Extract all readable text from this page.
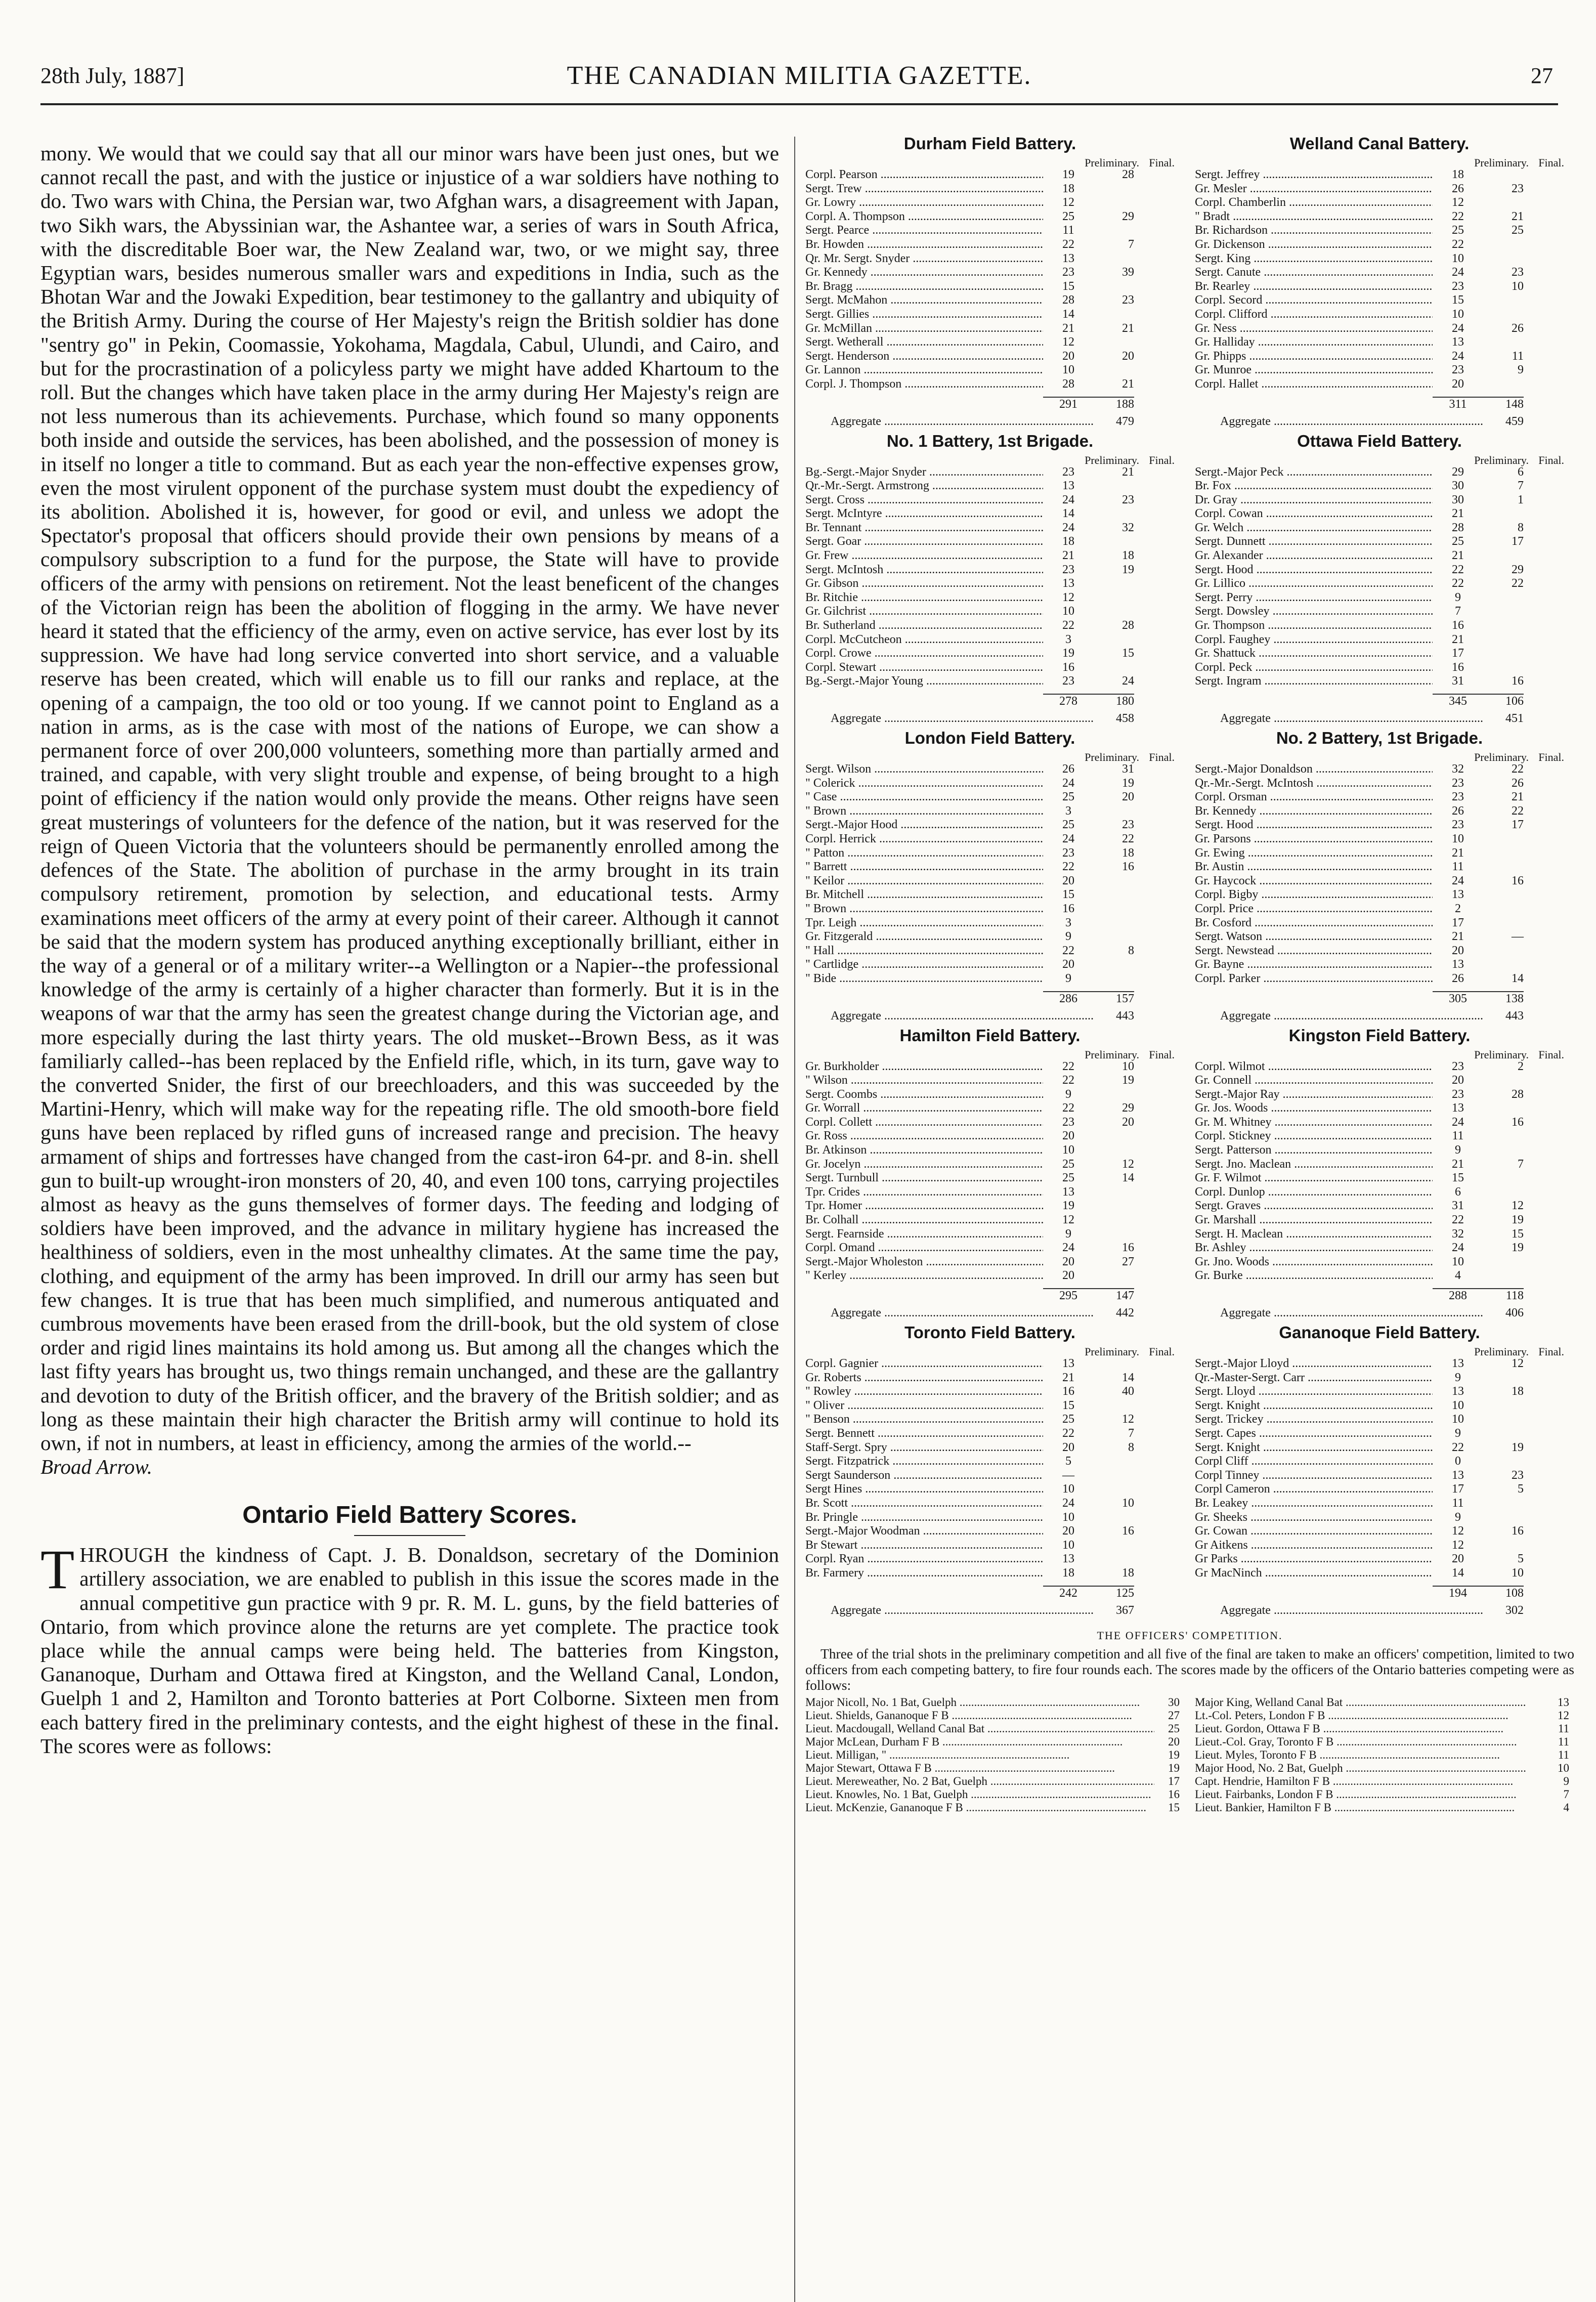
THE CANADIAN MILITIA GAZETTE.
28th July, 1887]	27

mony. We would that we could say that all our minor wars have been just ones, but we cannot recall the past, and with the justice or injustice of a war soldiers have nothing to do. Two wars with China, the Persian war, two Afghan wars, a disagreement with Japan, two Sikh wars, the Abyssinian war, the Ashantee war, a series of wars in South Africa, with the discreditable Boer war, the New Zealand war, two, or we might say, three Egyptian wars, besides numerous smaller wars and expeditions in India, such as the Bhotan War and the Jowaki Expedition, bear testimoney to the gallantry and ubiquity of the British Army. During the course of Her Majesty's reign the British soldier has done "sentry go" in Pekin, Coomassie, Yokohama, Magdala, Cabul, Ulundi, and Cairo, and but for the procrastination of a policyless party we might have added Khartoum to the roll. But the changes which have taken place in the army during Her Majesty's reign are not less numerous than its achievements. Purchase, which found so many opponents both inside and outside the services, has been abolished, and the possession of money is in itself no longer a title to command. But as each year the non-effective expenses grow, even the most virulent opponent of the purchase system must doubt the expediency of its abolition. Abolished it is, however, for good or evil, and unless we adopt the Spectator's proposal that officers should provide their own pensions by means of a compulsory subscription to a fund for the purpose, the State will have to provide officers of the army with pensions on retirement. Not the least beneficent of the changes of the Victorian reign has been the abolition of flogging in the army. We have never heard it stated that the efficiency of the army, even on active service, has ever lost by its suppression. We have had long service converted into short service, and a valuable reserve has been created, which will enable us to fill our ranks and replace, at the opening of a campaign, the too old or too young. If we cannot point to England as a nation in arms, as is the case with most of the nations of Europe, we can show a permanent force of over 200,000 volunteers, something more than partially armed and trained, and capable, with very slight trouble and expense, of being brought to a high point of efficiency if the nation would only provide the means. Other reigns have seen great musterings of volunteers for the defence of the nation, but it was reserved for the reign of Queen Victoria that the volunteers should be permanently enrolled among the defences of the State. The abolition of purchase in the army brought in its train compulsory retirement, promotion by selection, and educational tests. Army examinations meet officers of the army at every point of their career. Although it cannot be said that the modern system has produced anything exceptionally brilliant, either in the way of a general or of a military writer--a Wellington or a Napier--the professional knowledge of the army is certainly of a higher character than formerly. But it is in the weapons of war that the army has seen the greatest change during the Victorian age, and more especially during the last thirty years. The old musket--Brown Bess, as it was familiarly called--has been replaced by the Enfield rifle, which, in its turn, gave way to the converted Snider, the first of our breechloaders, and this was succeeded by the Martini-Henry, which will make way for the repeating rifle. The old smooth-bore field guns have been replaced by rifled guns of increased range and precision. The heavy armament of ships and fortresses have changed from the cast-iron 64-pr. and 8-in. shell gun to built-up wrought-iron monsters of 20, 40, and even 100 tons, carrying projectiles almost as heavy as the guns themselves of former days. The feeding and lodging of soldiers have been improved, and the advance in military hygiene has increased the healthiness of soldiers, even in the most unhealthy climates. At the same time the pay, clothing, and equipment of the army has been improved. In drill our army has seen but few changes. It is true that has been much simplified, and numerous antiquated and cumbrous movements have been erased from the drill-book, but the old system of close order and rigid lines maintains its hold among us. But among all the changes which the last fifty years has brought us, two things remain unchanged, and these are the gallantry and devotion to duty of the British officer, and the bravery of the British soldier; and as long as these maintain their high character the British army will continue to hold its own, if not in numbers, at least in efficiency, among the armies of the world.--

Broad Arrow.

Ontario Field Battery Scores.

THROUGH the kindness of Capt. J. B. Donaldson, secretary of the Dominion artillery association, we are enabled to publish in this issue the scores made in the annual competitive gun practice with 9 pr. R. M. L. guns, by the field batteries of Ontario, from which province alone the returns are yet complete. The practice took place while the annual camps were being held. The batteries from Kingston, Gananoque, Durham and Ottawa fired at Kingston, and the Welland Canal, London, Guelph 1 and 2, Hamilton and Toronto batteries at Port Colborne. Sixteen men from each battery fired in the preliminary contests, and the eight highest of these in the final. The scores were as follows:

Durham Field Battery.
Preliminary. Final.
Corpl. Pearson .....	19	28
Sergt. Trew .....	18
Gr. Lowry .....	12
Corpl. A. Thompson .....	25	29
Sergt. Pearce .....	11
Br. Howden .....	22	7
Qr. Mr. Sergt. Snyder .....	13
Gr. Kennedy .....	23	39
Br. Bragg .....	15
Sergt. McMahon .....	28	23
Sergt. Gillies .....	14
Gr. McMillan .....	21	21
Sergt. Wetherall .....	12
Sergt. Henderson .....	20	20
Gr. Lannon .....	10
Corpl. J. Thompson .....	28	21
291	188
Aggregate .....	479
Welland Canal Battery.
Preliminary. Final.
Sergt. Jeffrey .....	18
Gr. Mesler .....	26	23
Corpl. Chamberlin .....	12
" Bradt .....	22	21
Br. Richardson .....	25	25
Gr. Dickenson .....	22
Sergt. King .....	10
Sergt. Canute .....	24	23
Br. Rearley .....	23	10
Corpl. Secord .....	15
Corpl. Clifford .....	10
Gr. Ness .....	24	26
Gr. Halliday .....	13
Gr. Phipps .....	24	11
Gr. Munroe .....	23	9
Corpl. Hallet .....	20
311	148
Aggregate .....	459
No. 1 Battery, 1st Brigade.
Preliminary. Final.
Bg.-Sergt.-Major Snyder .....	23	21
Qr.-Mr.-Sergt. Armstrong .....	13
Sergt. Cross .....	24	23
Sergt. McIntyre .....	14
Br. Tennant .....	24	32
Sergt. Goar .....	18
Gr. Frew .....	21	18
Sergt. McIntosh .....	23	19
Gr. Gibson .....	13
Br. Ritchie .....	12
Gr. Gilchrist .....	10
Br. Sutherland .....	22	28
Corpl. McCutcheon .....	3
Corpl. Crowe .....	19	15
Corpl. Stewart .....	16
Bg.-Sergt.-Major Young .....	23	24
278	180
Aggregate .....	458
Ottawa Field Battery.
Preliminary. Final.
Sergt.-Major Peck .....	29	6
Br. Fox .....	30	7
Dr. Gray .....	30	1
Corpl. Cowan .....	21
Gr. Welch .....	28	8
Sergt. Dunnett .....	25	17
Gr. Alexander .....	21
Sergt. Hood .....	22	29
Gr. Lillico .....	22	22
Sergt. Perry .....	9
Sergt. Dowsley .....	7
Gr. Thompson .....	16
Corpl. Faughey .....	21
Gr. Shattuck .....	17
Corpl. Peck .....	16
Sergt. Ingram .....	31	16
345	106
Aggregate .....	451
London Field Battery.
Preliminary. Final.
Sergt. Wilson .....	26	31
" Colerick .....	24	19
" Case .....	25	20
" Brown .....	3
Sergt.-Major Hood .....	25	23
Corpl. Herrick .....	24	22
" Patton .....	23	18
" Barrett .....	22	16
" Keilor .....	20
Br. Mitchell .....	15
" Brown .....	16
Tpr. Leigh .....	3
Gr. Fitzgerald .....	9
" Hall .....	22	8
" Cartlidge .....	20
" Bide .....	9
286	157
Aggregate .....	443
No. 2 Battery, 1st Brigade.
Preliminary. Final.
Sergt.-Major Donaldson .....	32	22
Qr.-Mr.-Sergt. McIntosh .....	23	26
Corpl. Orsman .....	23	21
Br. Kennedy .....	26	22
Sergt. Hood .....	23	17
Gr. Parsons .....	10
Gr. Ewing .....	21
Br. Austin .....	11
Gr. Haycock .....	24	16
Corpl. Bigby .....	13
Corpl. Price .....	2
Br. Cosford .....	17
Sergt. Watson .....	21	—
Sergt. Newstead .....	20
Gr. Bayne .....	13
Corpl. Parker .....	26	14
305	138
Aggregate .....	443
Hamilton Field Battery.
Preliminary. Final.
Gr. Burkholder .....	22	10
" Wilson .....	22	19
Sergt. Coombs .....	9
Gr. Worrall .....	22	29
Corpl. Collett .....	23	20
Gr. Ross .....	20
Br. Atkinson .....	10
Gr. Jocelyn .....	25	12
Sergt. Turnbull .....	25	14
Tpr. Crides .....	13
Tpr. Homer .....	19
Br. Colhall .....	12
Sergt. Fearnside .....	9
Corpl. Omand .....	24	16
Sergt.-Major Wholeston .....	20	27
" Kerley .....	20
295	147
Aggregate .....	442
Kingston Field Battery.
Preliminary. Final.
Corpl. Wilmot .....	23	2
Gr. Connell .....	20
Sergt.-Major Ray .....	23	28
Gr. Jos. Woods .....	13
Gr. M. Whitney .....	24	16
Corpl. Stickney .....	11
Sergt. Patterson .....	9
Sergt. Jno. Maclean .....	21	7
Gr. F. Wilmot .....	15
Corpl. Dunlop .....	6
Sergt. Graves .....	31	12
Gr. Marshall .....	22	19
Sergt. H. Maclean .....	32	15
Br. Ashley .....	24	19
Gr. Jno. Woods .....	10
Gr. Burke .....	4
288	118
Aggregate .....	406
Toronto Field Battery.
Preliminary. Final.
Corpl. Gagnier .....	13
Gr. Roberts .....	21	14
" Rowley .....	16	40
" Oliver .....	15
" Benson .....	25	12
Sergt. Bennett .....	22	7
Staff-Sergt. Spry .....	20	8
Sergt. Fitzpatrick .....	5
Sergt Saunderson .....	—
Sergt Hines .....	10
Br. Scott .....	24	10
Br. Pringle .....	10
Sergt.-Major Woodman .....	20	16
Br Stewart .....	10
Corpl. Ryan .....	13
Br. Farmery .....	18	18
242	125
Aggregate .....	367
Gananoque Field Battery.
Preliminary. Final.
Sergt.-Major Lloyd .....	13	12
Qr.-Master-Sergt. Carr .....	9
Sergt. Lloyd .....	13	18
Sergt. Knight .....	10
Sergt. Trickey .....	10
Sergt. Capes .....	9
Sergt. Knight .....	22	19
Corpl Cliff .....	0
Corpl Tinney .....	13	23
Corpl Cameron .....	17	5
Br. Leakey .....	11
Gr. Sheeks .....	9
Gr. Cowan .....	12	16
Gr Aitkens .....	12
Gr Parks .....	20	5
Gr MacNinch .....	14	10
194	108
Aggregate .....	302
THE OFFICERS' COMPETITION.

Three of the trial shots in the preliminary competition and all five of the final are taken to make an officers' competition, limited to two officers from each competing battery, to fire four rounds each. The scores made by the officers of the Ontario batteries competing were as follows:

Major Nicoll, No. 1 Bat, Guelph .....	30
Lieut. Shields, Gananoque F B .....	27
Lieut. Macdougall, Welland Canal Bat .....	25
Major McLean, Durham F B .....	20
Lieut. Milligan, " .....	19
Major Stewart, Ottawa F B .....	19
Lieut. Mereweather, No. 2 Bat, Guelph .....	17
Lieut. Knowles, No. 1 Bat, Guelph .....	16
Lieut. McKenzie, Gananoque F B .....	15
Major King, Welland Canal Bat .....	13
Lt.-Col. Peters, London F B .....	12
Lieut. Gordon, Ottawa F B .....	11
Lieut.-Col. Gray, Toronto F B .....	11
Lieut. Myles, Toronto F B .....	11
Major Hood, No. 2 Bat, Guelph .....	10
Capt. Hendrie, Hamilton F B .....	9
Lieut. Fairbanks, London F B .....	7
Lieut. Bankier, Hamilton F B .....	4
